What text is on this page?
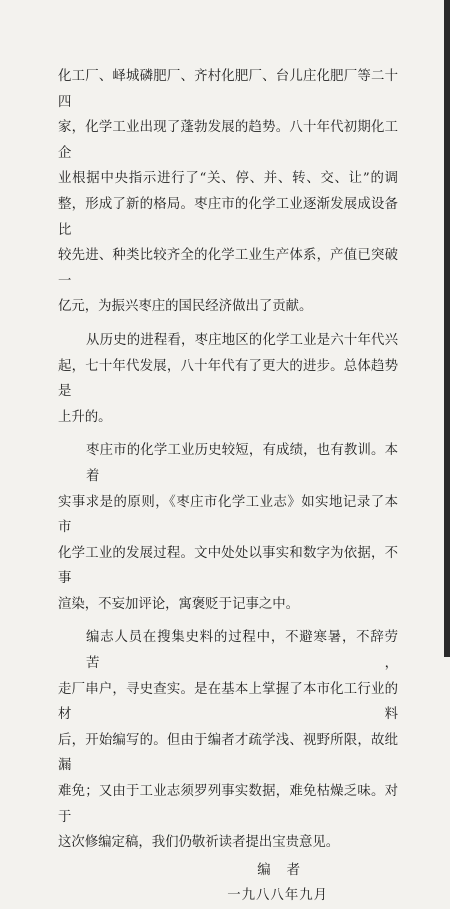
化工厂、峄城磷肥厂、齐村化肥厂、台儿庄化肥厂等二十四
家，化学工业出现了蓬勃发展的趋势。八十年代初期化工企
业根据中央指示进行了“关、停、并、转、交、让”的调
整，形成了新的格局。枣庄市的化学工业逐渐发展成设备比
较先进、种类比较齐全的化学工业生产体系，产值已突破一
亿元，为振兴枣庄的国民经济做出了贡献。
从历史的进程看，枣庄地区的化学工业是六十年代兴
起，七十年代发展，八十年代有了更大的进步。总体趋势是
上升的。
枣庄市的化学工业历史较短，有成绩，也有教训。本着
实事求是的原则，《枣庄市化学工业志》如实地记录了本市
化学工业的发展过程。文中处处以事实和数字为依据，不事
渲染，不妄加评论，寓褒贬于记事之中。
编志人员在搜集史料的过程中，不避寒暑，不辞劳苦，
走厂串户，寻史查实。是在基本上掌握了本市化工行业的材料
后，开始编写的。但由于编者才疏学浅、视野所限，故纰漏
难免；又由于工业志须罗列事实数据，难免枯燥乏味。对于
这次修编定稿，我们仍敬祈读者提出宝贵意见。
编者
一九八八年九月
